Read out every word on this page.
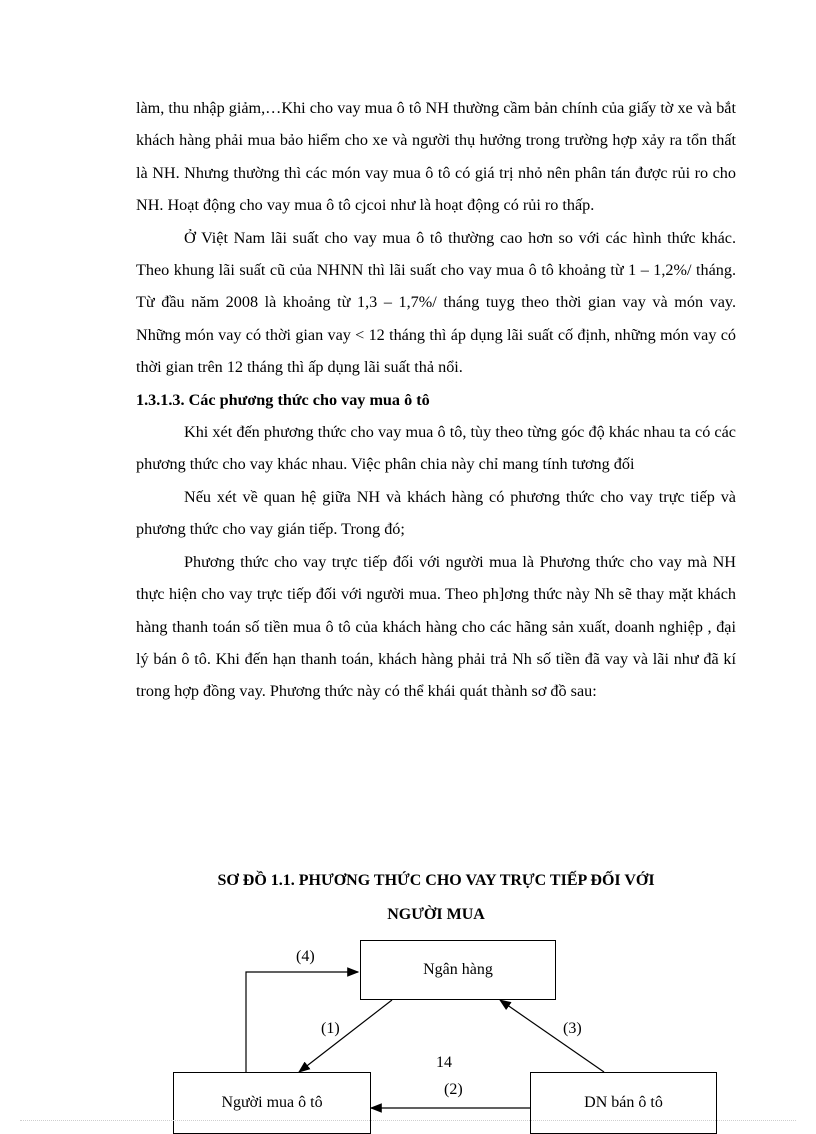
làm, thu nhập giảm,…Khi cho vay mua ô tô NH thường cầm bản chính của giấy tờ xe và bắt khách hàng phải mua bảo hiểm cho xe và người thụ hưởng trong trường hợp xảy ra tổn thất là NH. Nhưng thường thì các món vay mua ô tô có giá trị nhỏ nên phân tán được rủi ro cho NH. Hoạt động cho vay mua ô tô cjcoi như là hoạt động có rủi ro thấp.

Ở Việt Nam lãi suất cho vay mua ô tô thường cao hơn so với các hình thức khác. Theo khung lãi suất cũ của NHNN thì lãi suất cho vay mua ô tô khoảng từ 1 – 1,2%/ tháng. Từ đầu năm 2008 là khoảng từ 1,3 – 1,7%/ tháng tuyg theo thời gian vay và món vay. Những món vay có thời gian vay < 12 tháng thì áp dụng lãi suất cố định, những món vay có thời gian trên 12 tháng thì ấp dụng lãi suất thả nổi.

1.3.1.3. Các phương thức cho vay mua ô tô

Khi xét đến phương thức cho vay mua ô tô, tùy theo từng góc độ khác nhau ta có các phương thức cho vay khác nhau. Việc phân chia này chỉ mang tính tương đối

Nếu xét về quan hệ giữa NH và khách hàng có phương thức cho vay trực tiếp và phương thức cho vay gián tiếp. Trong đó;

Phương thức cho vay trực tiếp đối với người mua là Phương thức cho vay mà NH thực hiện cho vay trực tiếp đối với người mua. Theo ph]ơng thức này Nh sẽ thay mặt khách hàng thanh toán số tiền mua ô tô của khách hàng cho các hãng sản xuất, doanh nghiệp , đại lý bán ô tô. Khi đến hạn thanh toán, khách hàng phải trả Nh số tiền đã vay và lãi như đã kí trong hợp đồng vay. Phương thức này có thể khái quát thành sơ đồ sau:

SƠ ĐỒ 1.1. PHƯƠNG THỨC CHO VAY TRỰC TIẾP ĐỐI VỚI
NGƯỜI MUA
Ngân hàng
Người mua ô tô	DN bán ô tô
(4)
(1)	(3)
(2)
14
